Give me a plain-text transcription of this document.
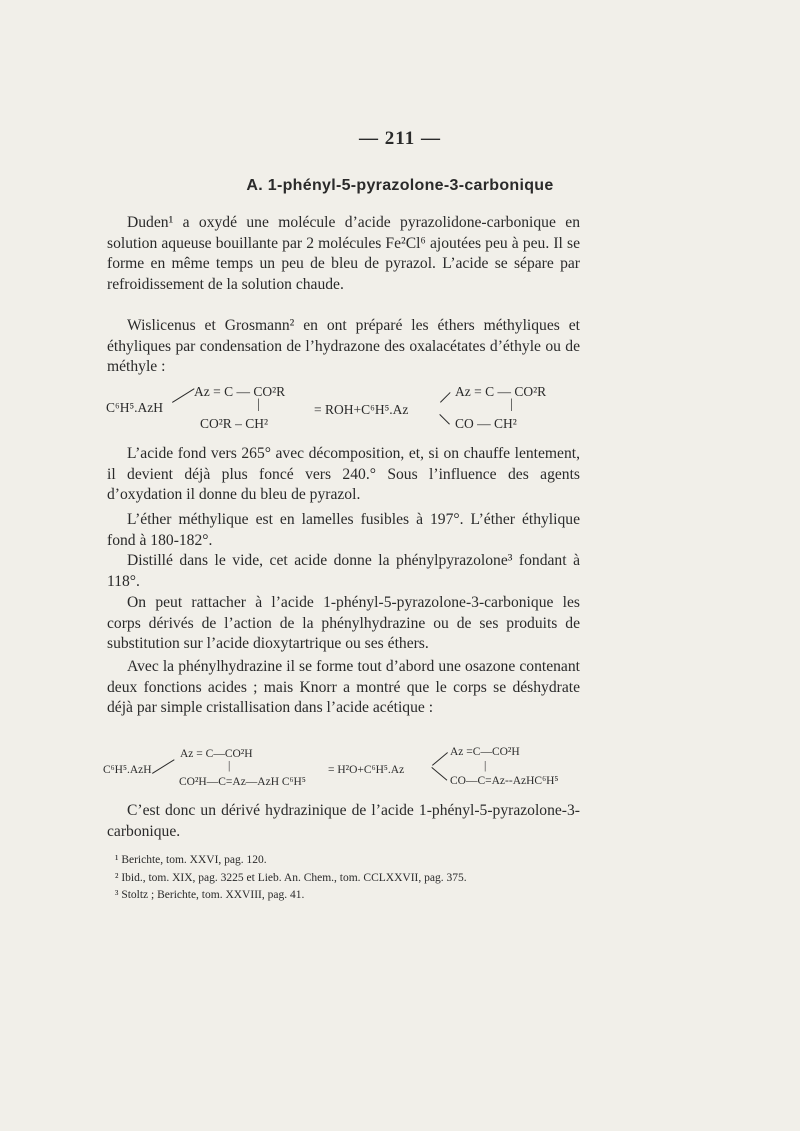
— 211 —
A. 1-phényl-5-pyrazolone-3-carbonique

Duden¹ a oxydé une molécule d’acide pyrazolidone-carbonique en solution aqueuse bouillante par 2 molécules Fe²Cl⁶ ajoutées peu à peu. Il se forme en même temps un peu de bleu de pyrazol. L’acide se sépare par refroidissement de la solution chaude.

Wislicenus et Grosmann² en ont préparé les éthers méthyliques et éthyliques par condensation de l’hydrazone des oxalacétates d’éthyle ou de méthyle :

C⁶H⁵.AzH
Az = C — CO²R
|
CO²R – CH²
= ROH+C⁶H⁵.Az
Az = C — CO²R
|
CO — CH²

L’acide fond vers 265° avec décomposition, et, si on chauffe lentement, il devient déjà plus foncé vers 240.° Sous l’influence des agents d’oxydation il donne du bleu de pyrazol.

L’éther méthylique est en lamelles fusibles à 197°. L’éther éthylique fond à 180-182°.

Distillé dans le vide, cet acide donne la phénylpyrazolone³ fondant à 118°.

On peut rattacher à l’acide 1-phényl-5-pyrazolone-3-carbonique les corps dérivés de l’action de la phénylhydrazine ou de ses produits de substitution sur l’acide dioxytartrique ou ses éthers.

Avec la phénylhydrazine il se forme tout d’abord une osazone contenant deux fonctions acides ; mais Knorr a montré que le corps se déshydrate déjà par simple cristallisation dans l’acide acétique :

C⁶H⁵.AzH
Az = C—CO²H
|
CO²H—C=Az—AzH C⁶H⁵
= H²O+C⁶H⁵.Az
Az =C—CO²H
|
CO—C=Az--AzHC⁶H⁵

C’est donc un dérivé hydrazinique de l’acide 1-phényl-5-pyrazolone-3-carbonique.

¹ Berichte, tom. XXVI, pag. 120.
² Ibid., tom. XIX, pag. 3225 et Lieb. An. Chem., tom. CCLXXVII, pag. 375.
³ Stoltz ; Berichte, tom. XXVIII, pag. 41.
